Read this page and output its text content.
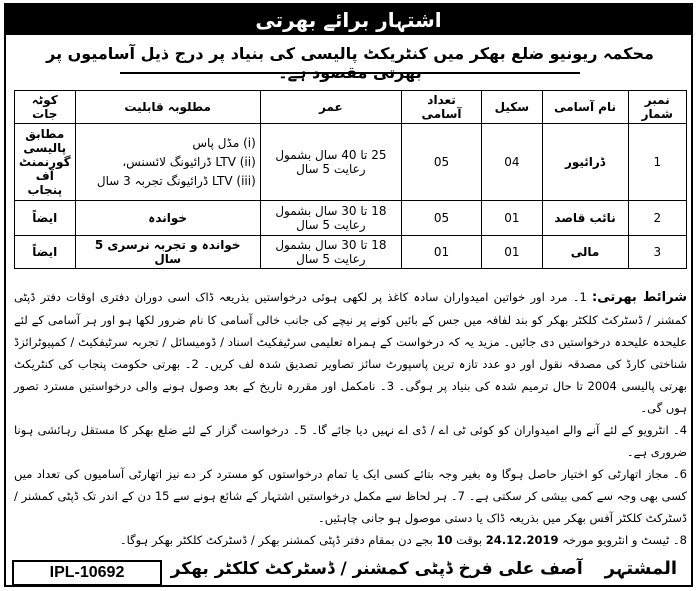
اشتہار برائے بھرتی
محکمہ ریونیو ضلع بھکر میں کنٹریکٹ پالیسی کی بنیاد پر درج ذیل آسامیوں پر بھرتی مقصود ہے۔
نمبر شمار	نام آسامی	سکیل	تعداد آسامی	عمر	مطلوبہ قابلیت	کوٹہ جات
1	ڈرائیور	04	05	25 تا 40 سال بشمول رعایت 5 سال	(i) مڈل پاس
(ii) LTV ڈرائیونگ لائسنس،
(iii) LTV ڈرائیونگ تجربہ 3 سال	مطابق پالیسی گورنمنٹ آف پنجاب
2	نائب قاصد	01	05	18 تا 30 سال بشمول رعایت 5 سال	خواندہ	ایضاً
3	مالی	01	01	18 تا 30 سال بشمول رعایت 5 سال	خواندہ و تجربہ نرسری 5 سال	ایضاً

شرائط بھرتی: 1۔ مرد اور خواتین امیدواران سادہ کاغذ پر لکھی ہوئی درخواستیں بذریعہ ڈاک اسی دوران دفتری اوقات دفتر ڈپٹی کمشنر / ڈسٹرکٹ کلکٹر بھکر کو بند لفافہ میں جس کے بائیں کونے پر نیچے کی جانب خالی آسامی کا نام ضرور لکھا ہو اور ہر آسامی کے لئے علیحدہ علیحدہ درخواستیں دی جائیں۔ مزید یہ کہ درخواست کے ہمراہ تعلیمی سرٹیفکیٹ اسناد / ڈومیسائل / تجربہ سرٹیفکیٹ / کمپیوٹرائزڈ شناختی کارڈ کی مصدقہ نقول اور دو عدد تازہ ترین پاسپورٹ سائز تصاویر تصدیق شدہ لف کریں۔ 2۔ بھرتی حکومت پنجاب کی کنٹریکٹ بھرتی پالیسی 2004 تا حال ترمیم شدہ کی بنیاد پر ہوگی۔ 3۔ نامکمل اور مقررہ تاریخ کے بعد وصول ہونے والی درخواستیں مسترد تصور ہوں گی۔

4۔ انٹرویو کے لئے آنے والے امیدواران کو کوئی ٹی اے / ڈی اے نہیں دیا جائے گا۔ 5۔ درخواست گزار کے لئے ضلع بھکر کا مستقل رہائشی ہونا ضروری ہے۔

6۔ مجاز اتھارٹی کو اختیار حاصل ہوگا وہ بغیر وجہ بتائے کسی ایک یا تمام درخواستوں کو مسترد کر دے نیز اتھارٹی آسامیوں کی تعداد میں کسی بھی وجہ سے کمی بیشی کر سکتی ہے۔ 7۔ ہر لحاظ سے مکمل درخواستیں اشتہار کے شائع ہونے سے 15 دن کے اندر تک ڈپٹی کمشنر / ڈسٹرکٹ کلکٹر آفس بھکر میں بذریعہ ڈاک یا دستی موصول ہو جانی چاہئیں۔

8۔ ٹیسٹ و انٹرویو مورخہ 24.12.2019 بوقت 10 بجے دن بمقام دفتر ڈپٹی کمشنر بھکر / ڈسٹرکٹ کلکٹر بھکر ہوگا۔

IPL-10692	المشتہر آصف علی فرخ ڈپٹی کمشنر / ڈسٹرکٹ کلکٹر بھکر
